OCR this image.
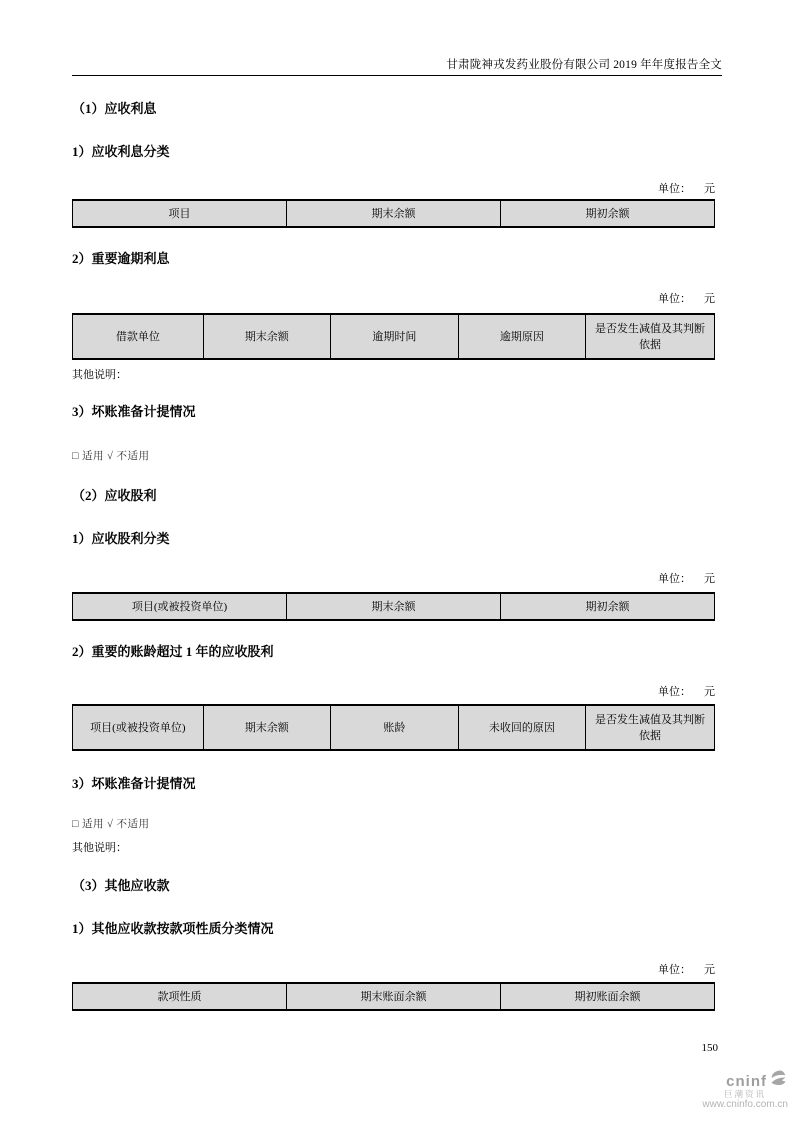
甘肃陇神戎发药业股份有限公司 2019 年年度报告全文
（1）应收利息
1）应收利息分类
单位： 元
项目	期末余额	期初余额
2）重要逾期利息
单位： 元
借款单位	期末余额	逾期时间	逾期原因	是否发生减值及其判断依据
其他说明：
3）坏账准备计提情况
□ 适用 √ 不适用
（2）应收股利
1）应收股利分类
单位： 元
项目(或被投资单位)	期末余额	期初余额
2）重要的账龄超过 1 年的应收股利
单位： 元
项目(或被投资单位)	期末余额	账龄	未收回的原因	是否发生减值及其判断依据
3）坏账准备计提情况
□ 适用 √ 不适用
其他说明：
（3）其他应收款
1）其他应收款按款项性质分类情况
单位： 元
款项性质	期末账面余额	期初账面余额
150
cninf
巨潮资讯
www.cninfo.com.cn
